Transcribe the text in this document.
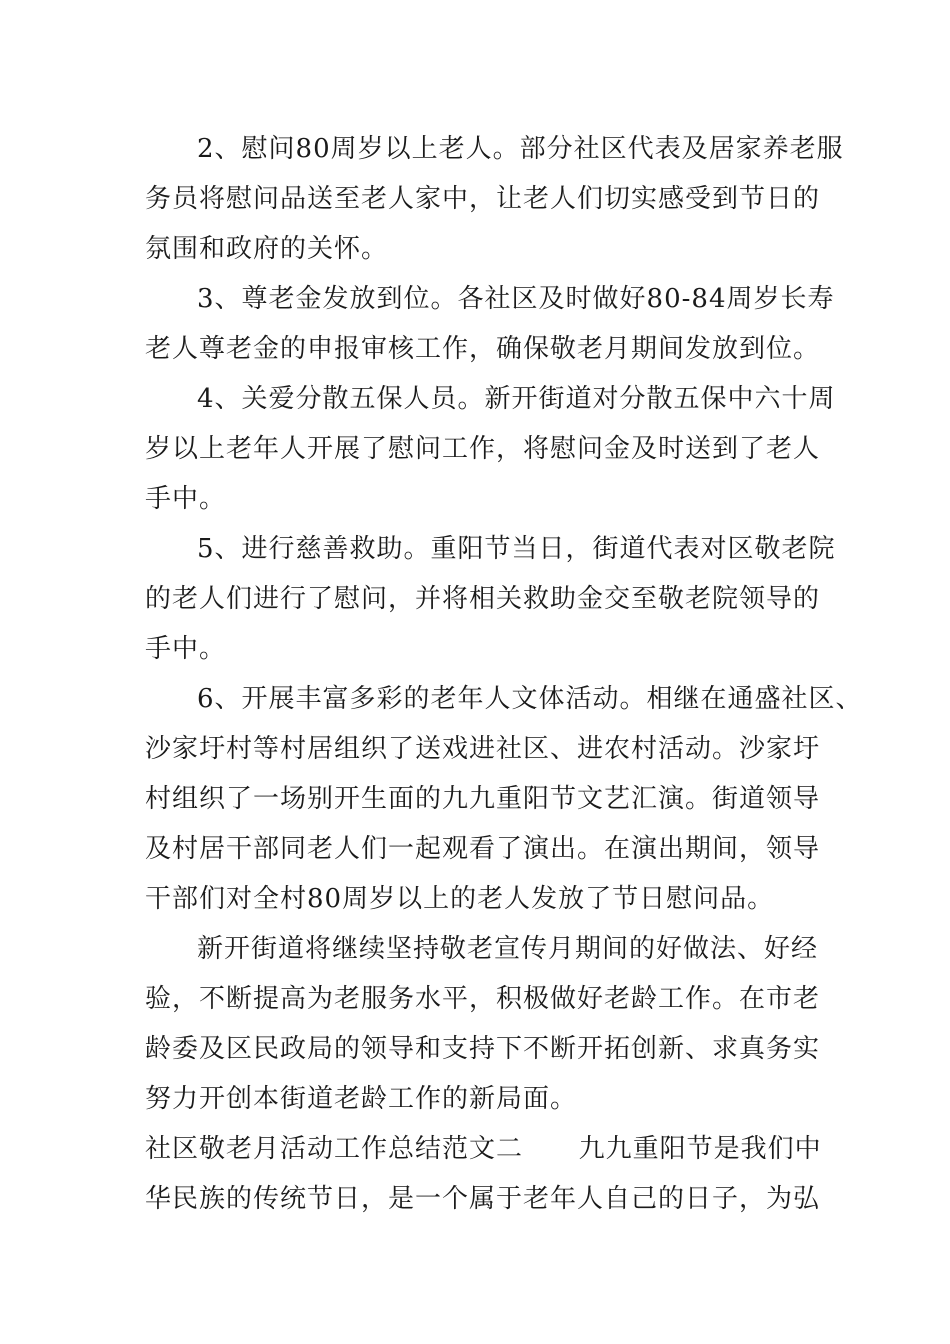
2、慰问80周岁以上老人。部分社区代表及居家养老服
务员将慰问品送至老人家中，让老人们切实感受到节日的
氛围和政府的关怀。
3、尊老金发放到位。各社区及时做好80-84周岁长寿
老人尊老金的申报审核工作，确保敬老月期间发放到位。
4、关爱分散五保人员。新开街道对分散五保中六十周
岁以上老年人开展了慰问工作，将慰问金及时送到了老人
手中。
5、进行慈善救助。重阳节当日，街道代表对区敬老院
的老人们进行了慰问，并将相关救助金交至敬老院领导的
手中。
6、开展丰富多彩的老年人文体活动。相继在通盛社区、
沙家圩村等村居组织了送戏进社区、进农村活动。沙家圩
村组织了一场别开生面的九九重阳节文艺汇演。街道领导
及村居干部同老人们一起观看了演出。在演出期间，领导
干部们对全村80周岁以上的老人发放了节日慰问品。
新开街道将继续坚持敬老宣传月期间的好做法、好经
验，不断提高为老服务水平，积极做好老龄工作。在市老
龄委及区民政局的领导和支持下不断开拓创新、求真务实
努力开创本街道老龄工作的新局面。
社区敬老月活动工作总结范文二      九九重阳节是我们中
华民族的传统节日，是一个属于老年人自己的日子，为弘
